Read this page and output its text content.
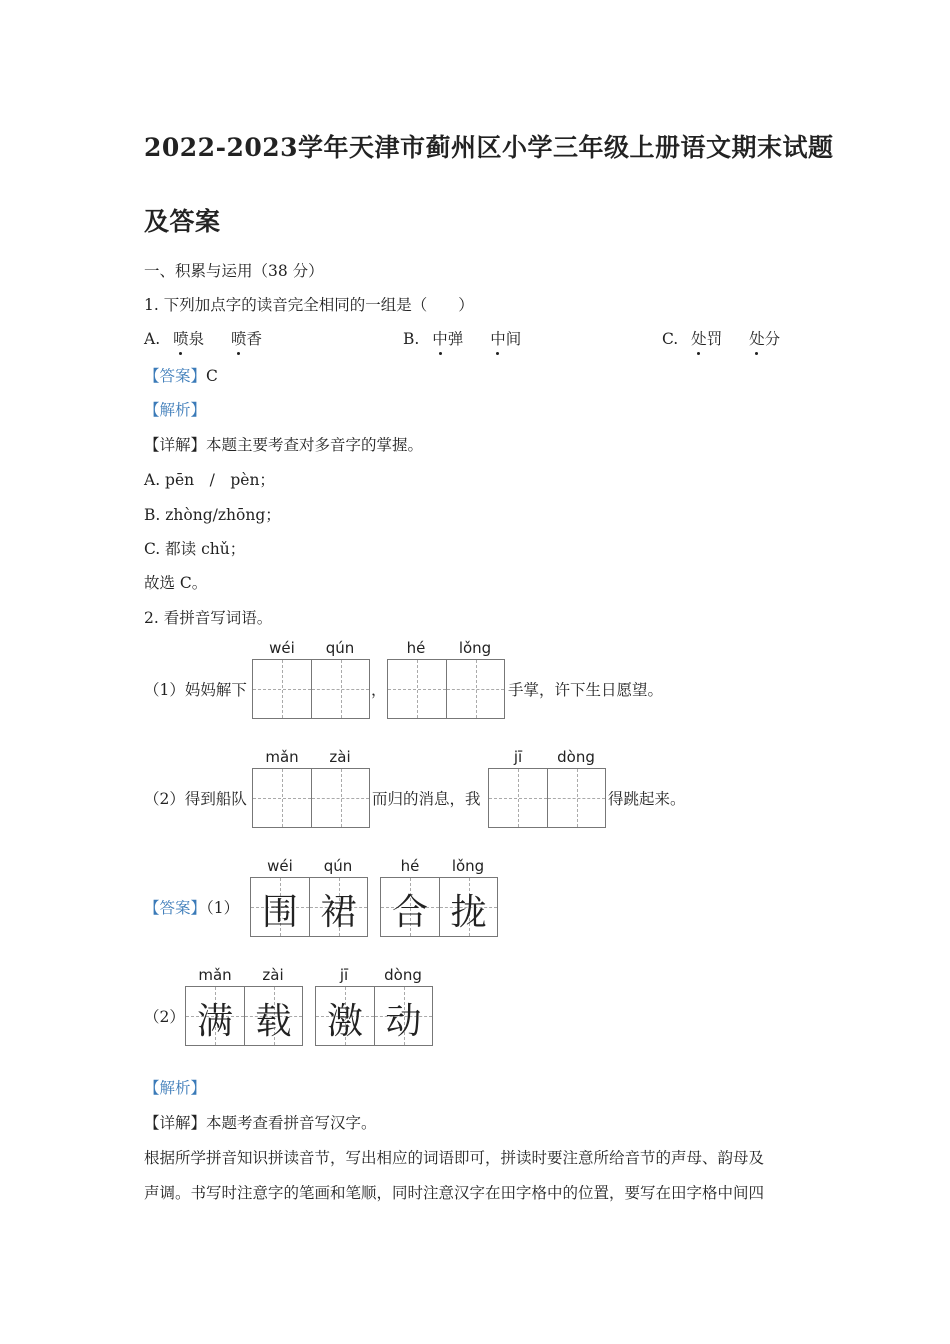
2022-2023学年天津市蓟州区小学三年级上册语文期末试题
及答案
一、积累与运用（38 分）
1. 下列加点字的读音完全相同的一组是（　　）
A. 喷泉 喷香	B. 中弹 中间	C. 处罚 处分
【答案】C
【解析】
【详解】本题主要考查对多音字的掌握。
A. pēn　/　pèn；
B. zhòng/zhōng；
C. 都读 chǔ；
故选 C。
2. 看拼音写词语。
wéi	qún	hé	lǒng
（1）妈妈解下	，	手掌，许下生日愿望。
mǎn	zài	jī	dòng
（2）得到船队	而归的消息，我	得跳起来。
wéi	qún	hé	lǒng
【答案】（1） 围 裙 合 拢
mǎn	zài	jī	dòng
（2） 满 载 激 动
【解析】
【详解】本题考查看拼音写汉字。
根据所学拼音知识拼读音节，写出相应的词语即可，拼读时要注意所给音节的声母、韵母及
声调。书写时注意字的笔画和笔顺，同时注意汉字在田字格中的位置，要写在田字格中间四
